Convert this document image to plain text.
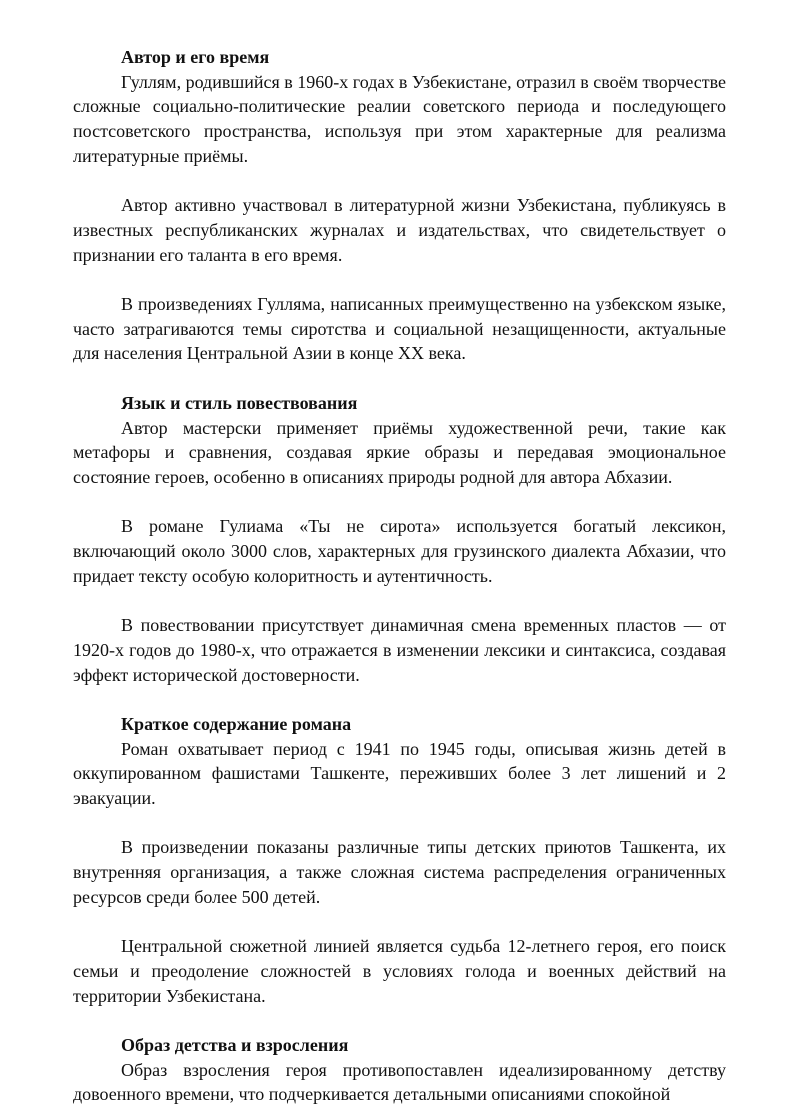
Автор и его время

Гуллям, родившийся в 1960-х годах в Узбекистане, отразил в своём творчестве сложные социально-политические реалии советского периода и последующего постсоветского пространства, используя при этом характерные для реализма литературные приёмы.

Автор активно участвовал в литературной жизни Узбекистана, публикуясь в известных республиканских журналах и издательствах, что свидетельствует о признании его таланта в его время.

В произведениях Гулляма, написанных преимущественно на узбекском языке, часто затрагиваются темы сиротства и социальной незащищенности, актуальные для населения Центральной Азии в конце XX века.

Язык и стиль повествования

Автор мастерски применяет приёмы художественной речи, такие как метафоры и сравнения, создавая яркие образы и передавая эмоциональное состояние героев, особенно в описаниях природы родной для автора Абхазии.

В романе Гулиама «Ты не сирота» используется богатый лексикон, включающий около 3000 слов, характерных для грузинского диалекта Абхазии, что придает тексту особую колоритность и аутентичность.

В повествовании присутствует динамичная смена временных пластов — от 1920-х годов до 1980-х, что отражается в изменении лексики и синтаксиса, создавая эффект исторической достоверности.

Краткое содержание романа

Роман охватывает период с 1941 по 1945 годы, описывая жизнь детей в оккупированном фашистами Ташкенте, переживших более 3 лет лишений и 2 эвакуации.

В произведении показаны различные типы детских приютов Ташкента, их внутренняя организация, а также сложная система распределения ограниченных ресурсов среди более 500 детей.

Центральной сюжетной линией является судьба 12-летнего героя, его поиск семьи и преодоление сложностей в условиях голода и военных действий на территории Узбекистана.

Образ детства и взросления

Образ взросления героя противопоставлен идеализированному детству довоенного времени, что подчеркивается детальными описаниями спокойной
